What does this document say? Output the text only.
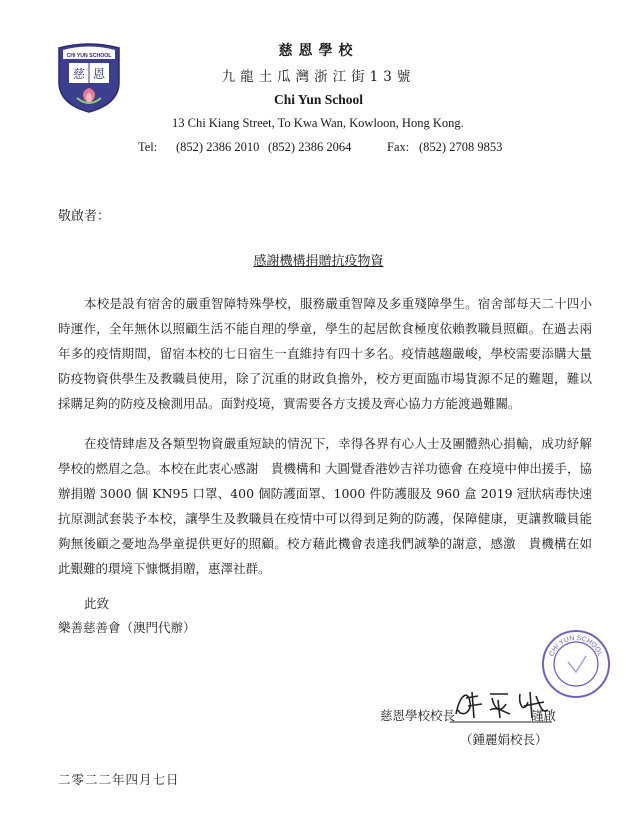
CHI YUN SCHOOL
慈 恩
慈恩學校
九龍土瓜灣浙江街13號
Chi Yun School
13 Chi Kiang Street, To Kwa Wan, Kowloon, Hong Kong.
Tel: (852) 2386 2010 (852) 2386 2064	Fax: (852) 2708 9853
敬啟者：
感謝機構捐贈抗疫物資
本校是設有宿舍的嚴重智障特殊學校，服務嚴重智障及多重殘障學生。宿舍部每天二十四小時運作，全年無休以照顧生活不能自理的學童，學生的起居飲食極度依賴教職員照顧。在過去兩年多的疫情期間，留宿本校的七日宿生一直維持有四十多名。疫情越趨嚴峻，學校需要添購大量防疫物資供學生及教職員使用，除了沉重的財政負擔外，校方更面臨市場貨源不足的難題，難以採購足夠的防疫及檢測用品。面對疫境，實需要各方支援及齊心協力方能渡過難關。
在疫情肆虐及各類型物資嚴重短缺的情況下，幸得各界有心人士及團體熱心捐輸，成功紓解學校的燃眉之急。本校在此衷心感謝　貴機構和 大圓覺香港妙吉祥功德會 在疫境中伸出援手，協辦捐贈 3000 個 KN95 口罩、400 個防護面罩、1000 件防護服及 960 盒 2019 冠狀病毒快速抗原測試套裝予本校，讓學生及教職員在疫情中可以得到足夠的防護，保障健康，更讓教職員能夠無後顧之憂地為學童提供更好的照顧。校方藉此機會表達我們誠摯的謝意，感激　貴機構在如此艱難的環境下慷慨捐贈，惠澤社群。
此致
樂善慈善會（澳門代辦）
CHI YUN SCHOOL
慈恩學校校長	謹啟
（鍾麗娟校長）
二零二二年四月七日
